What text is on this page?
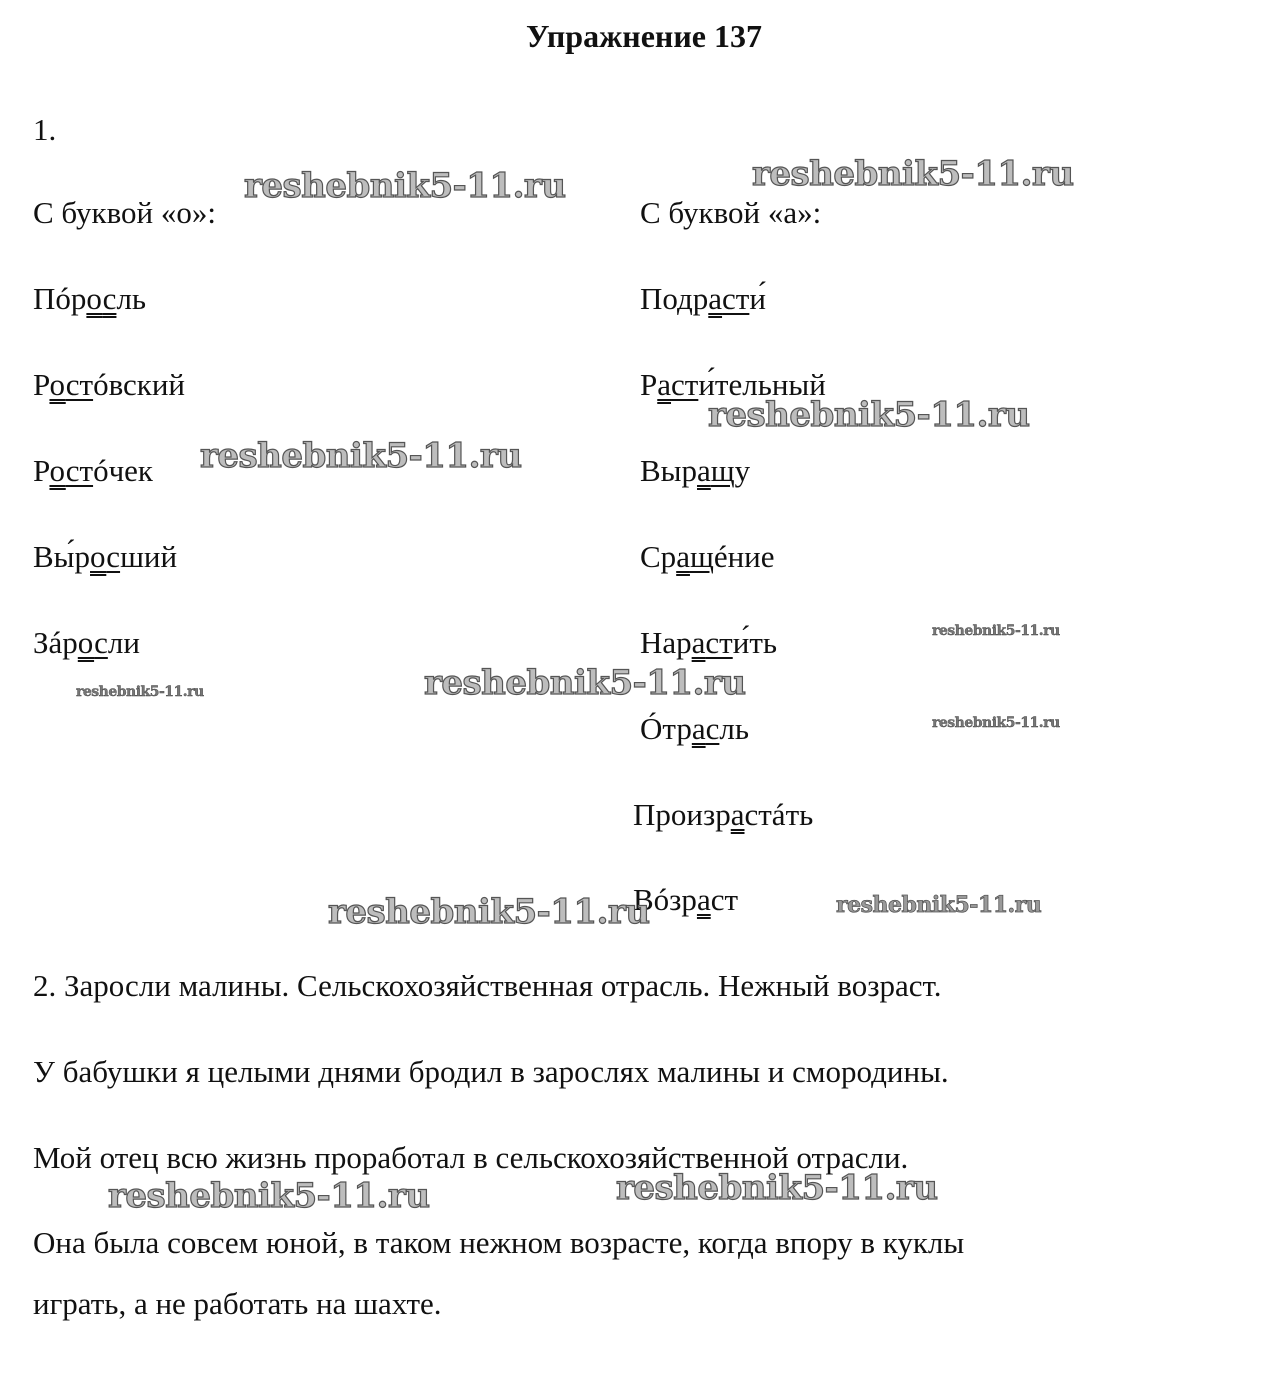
Упражнение 137
1.
С буквой «о»:	С буквой «а»:
Пóросль
Ростóвский
Ростóчек
Вы́росший
Зáросли
Подрасти́
Расти́тельный
Выращу
Сращéние
Нарасти́ть
Óтрасль
Произрастáть
Вóзраст
2. Заросли малины. Сельскохозяйственная отрасль. Нежный возраст.
У бабушки я целыми днями бродил в зарослях малины и смородины.
Мой отец всю жизнь проработал в сельскохозяйственной отрасли.
Она была совсем юной, в таком нежном возрасте, когда впору в куклы
играть, а не работать на шахте.
reshebnik5-11.ru	reshebnik5-11.ru
reshebnik5-11.ru
reshebnik5-11.ru
reshebnik5-11.ru
reshebnik5-11.ru
reshebnik5-11.ru
reshebnik5-11.ru
reshebnik5-11.ru	reshebnik5-11.ru
reshebnik5-11.ru	reshebnik5-11.ru
